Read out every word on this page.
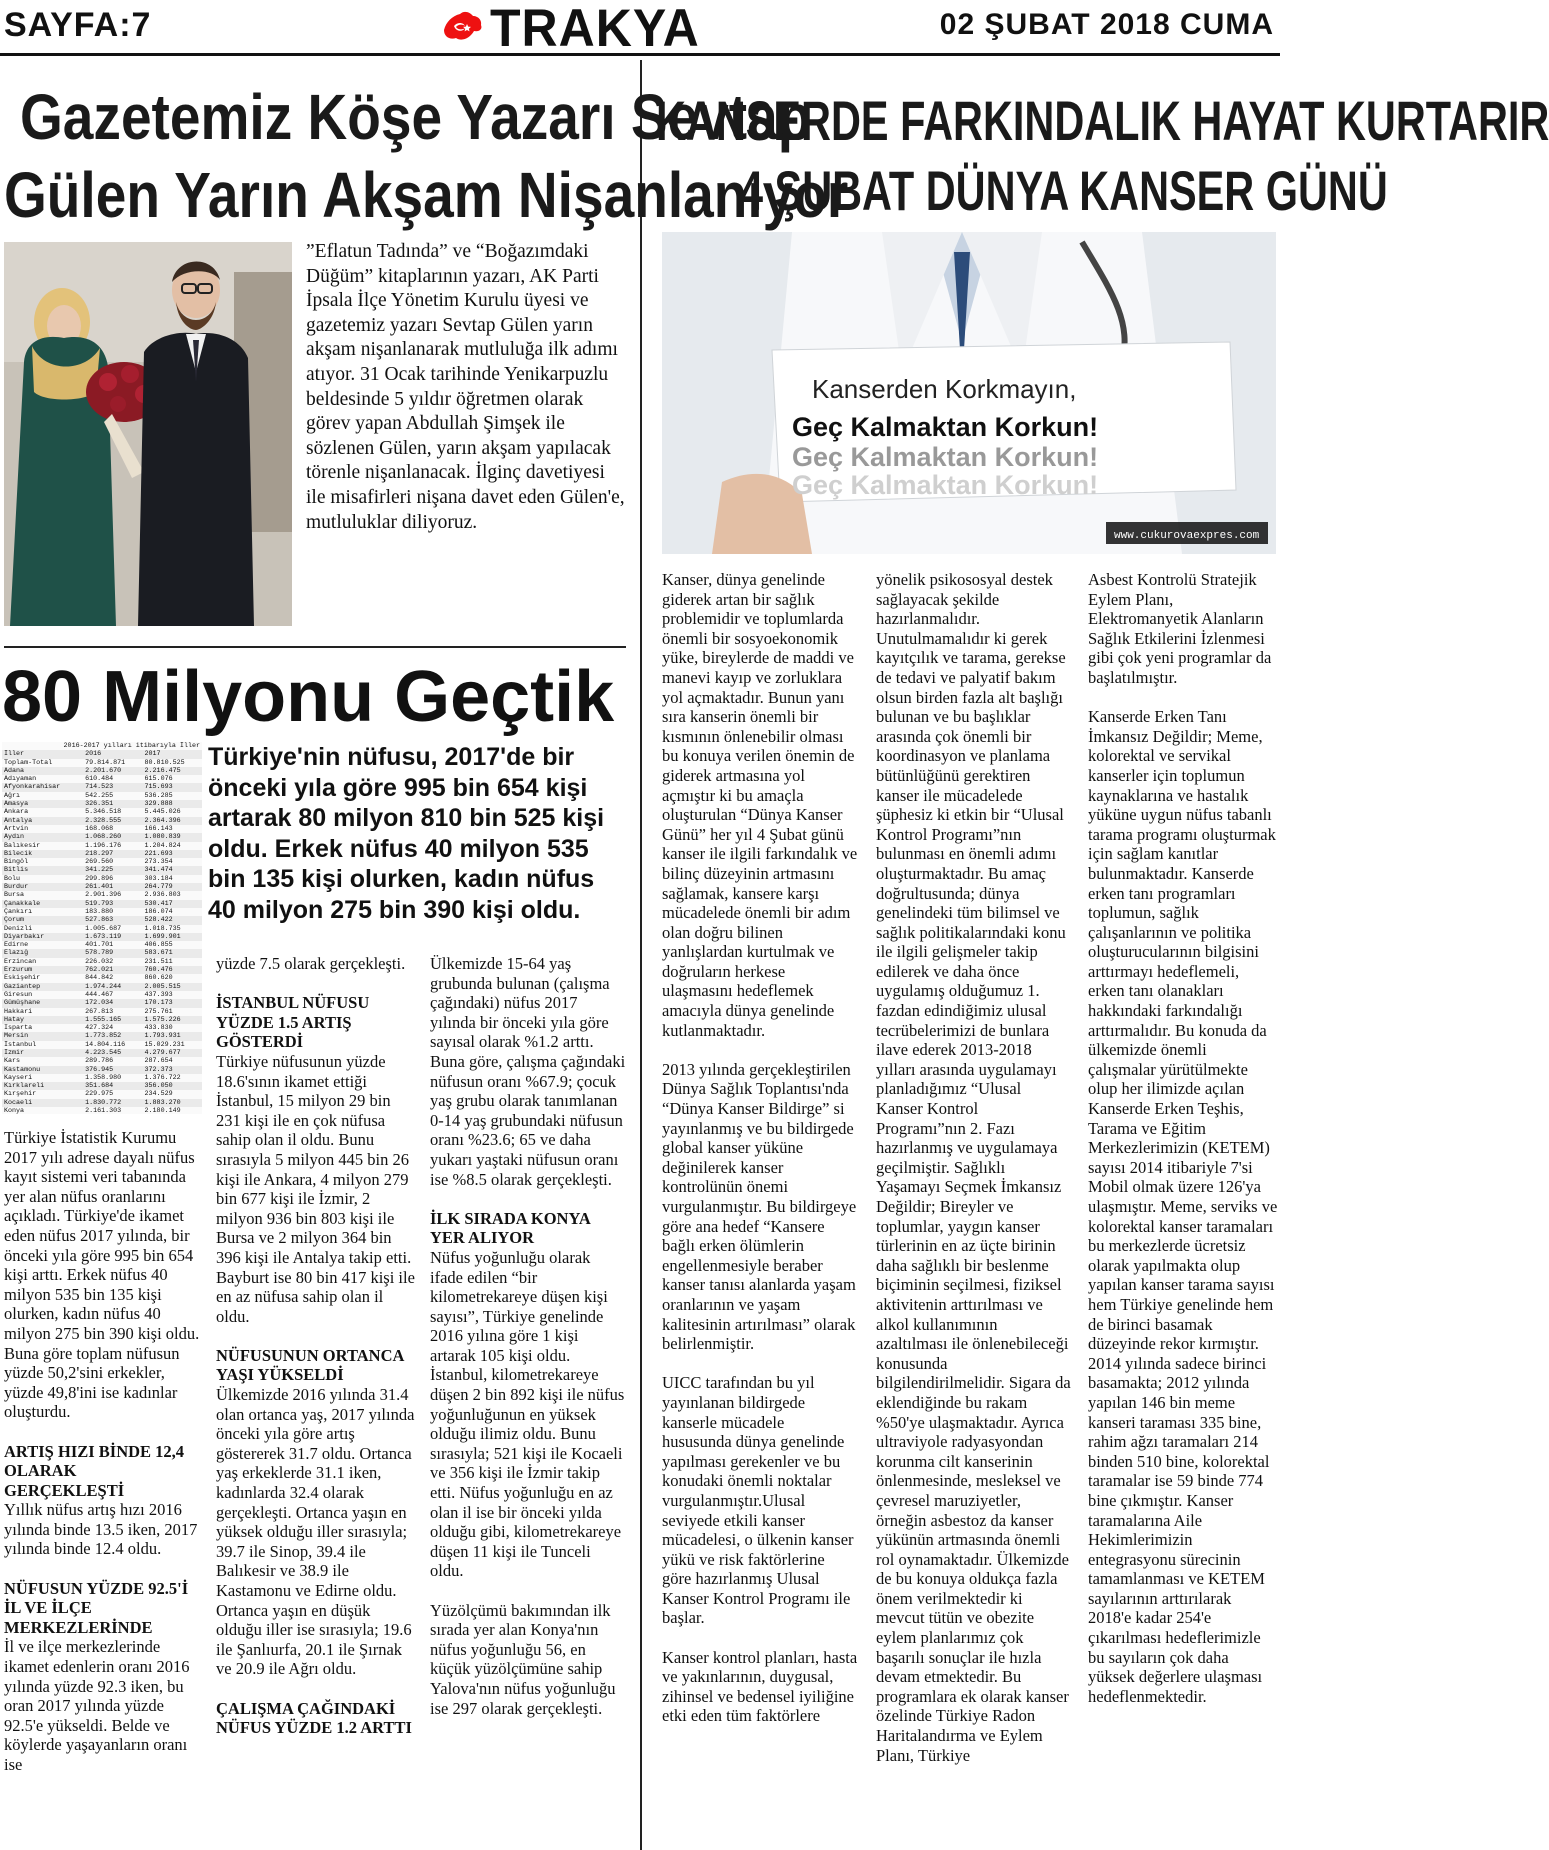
SAYFA:7	TRAKYA	02 ŞUBAT 2018 CUMA
Gazetemiz Köşe Yazarı Sevtap
Gülen Yarın Akşam Nişanlanıyor
”Eflatun Tadında” ve “Boğazımdaki Düğüm” kitaplarının yazarı, AK Parti İpsala İlçe Yönetim Kurulu üyesi ve gazetemiz yazarı Sevtap Gülen yarın akşam nişanlanarak mutluluğa ilk adımı atıyor. 31 Ocak tarihinde Yenikarpuzlu beldesinde 5 yıldır öğretmen olarak görev yapan Abdullah Şimşek ile sözlenen Gülen, yarın akşam yapılacak törenle nişanlanacak. İlginç davetiyesi ile misafirleri nişana davet eden Gülen'e, mutluluklar diliyoruz.
80 Milyonu Geçtik
2016-2017 yılları itibarıyla İller		
İller	2016	2017
Toplam-Total	79.814.871	80.810.525
Adana	2.201.670	2.216.475
Adıyaman	610.484	615.076
Afyonkarahisar	714.523	715.693
Ağrı	542.255	536.285
Amasya	326.351	329.888
Ankara	5.346.518	5.445.026
Antalya	2.328.555	2.364.396
Artvin	168.068	166.143
Aydın	1.068.260	1.080.839
Balıkesir	1.196.176	1.204.824
Bilecik	218.297	221.693
Bingöl	269.560	273.354
Bitlis	341.225	341.474
Bolu	299.896	303.184
Burdur	261.401	264.779
Bursa	2.901.396	2.936.803
Çanakkale	519.793	530.417
Çankırı	183.880	186.074
Çorum	527.863	528.422
Denizli	1.005.687	1.018.735
Diyarbakır	1.673.119	1.699.901
Edirne	401.701	406.855
Elazığ	578.789	583.671
Erzincan	226.032	231.511
Erzurum	762.021	760.476
Eskişehir	844.842	860.620
Gaziantep	1.974.244	2.005.515
Giresun	444.467	437.393
Gümüşhane	172.034	170.173
Hakkari	267.813	275.761
Hatay	1.555.165	1.575.226
Isparta	427.324	433.830
Mersin	1.773.852	1.793.931
İstanbul	14.804.116	15.029.231
İzmir	4.223.545	4.279.677
Kars	289.786	287.654
Kastamonu	376.945	372.373
Kayseri	1.358.980	1.376.722
Kırklareli	351.684	356.050
Kırşehir	229.975	234.529
Kocaeli	1.830.772	1.883.270
Konya	2.161.303	2.180.149
Türkiye'nin nüfusu, 2017'de bir önceki yıla göre 995 bin 654 kişi artarak 80 milyon 810 bin 525 kişi oldu. Erkek nüfus 40 milyon 535 bin 135 kişi olurken, kadın nüfus 40 milyon 275 bin 390 kişi oldu.
Türkiye İstatistik Kurumu 2017 yılı adrese dayalı nüfus kayıt sistemi veri tabanında yer alan nüfus oranlarını açıkladı. Türkiye'de ikamet eden nüfus 2017 yılında, bir önceki yıla göre 995 bin 654 kişi arttı. Erkek nüfus 40 milyon 535 bin 135 kişi olurken, kadın nüfus 40 milyon 275 bin 390 kişi oldu. Buna göre toplam nüfusun yüzde 50,2'sini erkekler, yüzde 49,8'ini ise kadınlar oluşturdu.
ARTIŞ HIZI BİNDE 12,4 OLARAK GERÇEKLEŞTİ
Yıllık nüfus artış hızı 2016 yılında binde 13.5 iken, 2017 yılında binde 12.4 oldu.
NÜFUSUN YÜZDE 92.5'İ İL VE İLÇE MERKEZLERİNDE
İl ve ilçe merkezlerinde ikamet edenlerin oranı 2016 yılında yüzde 92.3 iken, bu oran 2017 yılında yüzde 92.5'e yükseldi. Belde ve köylerde yaşayanların oranı ise
yüzde 7.5 olarak gerçekleşti.
İSTANBUL NÜFUSU YÜZDE 1.5 ARTIŞ GÖSTERDİ
Türkiye nüfusunun yüzde 18.6'sının ikamet ettiği İstanbul, 15 milyon 29 bin 231 kişi ile en çok nüfusa sahip olan il oldu. Bunu sırasıyla 5 milyon 445 bin 26 kişi ile Ankara, 4 milyon 279 bin 677 kişi ile İzmir, 2 milyon 936 bin 803 kişi ile Bursa ve 2 milyon 364 bin 396 kişi ile Antalya takip etti. Bayburt ise 80 bin 417 kişi ile en az nüfusa sahip olan il oldu.
NÜFUSUNUN ORTANCA YAŞI YÜKSELDİ
Ülkemizde 2016 yılında 31.4 olan ortanca yaş, 2017 yılında önceki yıla göre artış göstererek 31.7 oldu. Ortanca yaş erkeklerde 31.1 iken, kadınlarda 32.4 olarak gerçekleşti. Ortanca yaşın en yüksek olduğu iller sırasıyla; 39.7 ile Sinop, 39.4 ile Balıkesir ve 38.9 ile Kastamonu ve Edirne oldu. Ortanca yaşın en düşük olduğu iller ise sırasıyla; 19.6 ile Şanlıurfa, 20.1 ile Şırnak ve 20.9 ile Ağrı oldu.
ÇALIŞMA ÇAĞINDAKİ NÜFUS YÜZDE 1.2 ARTTI
Ülkemizde 15-64 yaş grubunda bulunan (çalışma çağındaki) nüfus 2017 yılında bir önceki yıla göre sayısal olarak %1.2 arttı. Buna göre, çalışma çağındaki nüfusun oranı %67.9; çocuk yaş grubu olarak tanımlanan 0-14 yaş grubundaki nüfusun oranı %23.6; 65 ve daha yukarı yaştaki nüfusun oranı ise %8.5 olarak gerçekleşti.
İLK SIRADA KONYA YER ALIYOR
Nüfus yoğunluğu olarak ifade edilen “bir kilometrekareye düşen kişi sayısı”, Türkiye genelinde 2016 yılına göre 1 kişi artarak 105 kişi oldu. İstanbul, kilometrekareye düşen 2 bin 892 kişi ile nüfus yoğunluğunun en yüksek olduğu ilimiz oldu. Bunu sırasıyla; 521 kişi ile Kocaeli ve 356 kişi ile İzmir takip etti. Nüfus yoğunluğu en az olan il ise bir önceki yılda olduğu gibi, kilometrekareye düşen 11 kişi ile Tunceli oldu.
Yüzölçümü bakımından ilk sırada yer alan Konya'nın nüfus yoğunluğu 56, en küçük yüzölçümüne sahip Yalova'nın nüfus yoğunluğu ise 297 olarak gerçekleşti.
KANSERDE FARKINDALIK HAYAT KURTARIR
4 ŞUBAT DÜNYA KANSER GÜNÜ
Kanserden Korkmayın,
Geç Kalmaktan Korkun!
Geç Kalmaktan Korkun!
Geç Kalmaktan Korkun!
www.cukurovaexpres.com
Kanser, dünya genelinde giderek artan bir sağlık problemidir ve toplumlarda önemli bir sosyoekonomik yüke, bireylerde de maddi ve manevi kayıp ve zorluklara yol açmaktadır. Bunun yanı sıra kanserin önemli bir kısmının önlenebilir olması bu konuya verilen önemin de giderek artmasına yol açmıştır ki bu amaçla oluşturulan “Dünya Kanser Günü” her yıl 4 Şubat günü kanser ile ilgili farkındalık ve bilinç düzeyinin artmasını sağlamak, kansere karşı mücadelede önemli bir adım olan doğru bilinen yanlışlardan kurtulmak ve doğruların herkese ulaşmasını hedeflemek amacıyla dünya genelinde kutlanmaktadır.
2013 yılında gerçekleştirilen Dünya Sağlık Toplantısı'nda “Dünya Kanser Bildirge” si yayınlanmış ve bu bildirgede global kanser yüküne değinilerek kanser kontrolünün önemi vurgulanmıştır. Bu bildirgeye göre ana hedef “Kansere bağlı erken ölümlerin engellenmesiyle beraber kanser tanısı alanlarda yaşam oranlarının ve yaşam kalitesinin artırılması” olarak belirlenmiştir.
UICC tarafından bu yıl yayınlanan bildirgede kanserle mücadele hususunda dünya genelinde yapılması gerekenler ve bu konudaki önemli noktalar vurgulanmıştır.Ulusal seviyede etkili kanser mücadelesi, o ülkenin kanser yükü ve risk faktörlerine göre hazırlanmış Ulusal Kanser Kontrol Programı ile başlar.
Kanser kontrol planları, hasta ve yakınlarının, duygusal, zihinsel ve bedensel iyiliğine etki eden tüm faktörlere
yönelik psikososyal destek sağlayacak şekilde hazırlanmalıdır. Unutulmamalıdır ki gerek kayıtçılık ve tarama, gerekse de tedavi ve palyatif bakım olsun birden fazla alt başlığı bulunan ve bu başlıklar arasında çok önemli bir koordinasyon ve planlama bütünlüğünü gerektiren kanser ile mücadelede şüphesiz ki etkin bir “Ulusal Kontrol Programı”nın bulunması en önemli adımı oluşturmaktadır. Bu amaç doğrultusunda; dünya genelindeki tüm bilimsel ve sağlık politikalarındaki konu ile ilgili gelişmeler takip edilerek ve daha önce uygulamış olduğumuz 1. fazdan edindiğimiz ulusal tecrübelerimizi de bunlara ilave ederek 2013-2018 yılları arasında uygulamayı planladığımız “Ulusal Kanser Kontrol Programı”nın 2. Fazı hazırlanmış ve uygulamaya geçilmiştir. Sağlıklı Yaşamayı Seçmek İmkansız Değildir; Bireyler ve toplumlar, yaygın kanser türlerinin en az üçte birinin daha sağlıklı bir beslenme biçiminin seçilmesi, fiziksel aktivitenin arttırılması ve alkol kullanımının azaltılması ile önlenebileceği konusunda bilgilendirilmelidir. Sigara da eklendiğinde bu rakam %50'ye ulaşmaktadır. Ayrıca ultraviyole radyasyondan korunma cilt kanserinin önlenmesinde, mesleksel ve çevresel maruziyetler, örneğin asbestoz da kanser yükünün artmasında önemli rol oynamaktadır. Ülkemizde de bu konuya oldukça fazla önem verilmektedir ki mevcut tütün ve obezite eylem planlarımız çok başarılı sonuçlar ile hızla devam etmektedir. Bu programlara ek olarak kanser özelinde Türkiye Radon Haritalandırma ve Eylem Planı, Türkiye
Asbest Kontrolü Stratejik Eylem Planı, Elektromanyetik Alanların Sağlık Etkilerini İzlenmesi gibi çok yeni programlar da başlatılmıştır.
Kanserde Erken Tanı İmkansız Değildir; Meme, kolorektal ve servikal kanserler için toplumun kaynaklarına ve hastalık yüküne uygun nüfus tabanlı tarama programı oluşturmak için sağlam kanıtlar bulunmaktadır. Kanserde erken tanı programları toplumun, sağlık çalışanlarının ve politika oluşturucularının bilgisini arttırmayı hedeflemeli, erken tanı olanakları hakkındaki farkındalığı arttırmalıdır. Bu konuda da ülkemizde önemli çalışmalar yürütülmekte olup her ilimizde açılan Kanserde Erken Teşhis, Tarama ve Eğitim Merkezlerimizin (KETEM) sayısı 2014 itibariyle 7'si Mobil olmak üzere 126'ya ulaşmıştır. Meme, serviks ve kolorektal kanser taramaları bu merkezlerde ücretsiz olarak yapılmakta olup yapılan kanser tarama sayısı hem Türkiye genelinde hem de birinci basamak düzeyinde rekor kırmıştır. 2014 yılında sadece birinci basamakta; 2012 yılında yapılan 146 bin meme kanseri taraması 335 bine, rahim ağzı taramaları 214 binden 510 bine, kolorektal taramalar ise 59 binde 774 bine çıkmıştır. Kanser taramalarına Aile Hekimlerimizin entegrasyonu sürecinin tamamlanması ve KETEM sayılarının arttırılarak 2018'e kadar 254'e çıkarılması hedeflerimizle bu sayıların çok daha yüksek değerlere ulaşması hedeflenmektedir.
